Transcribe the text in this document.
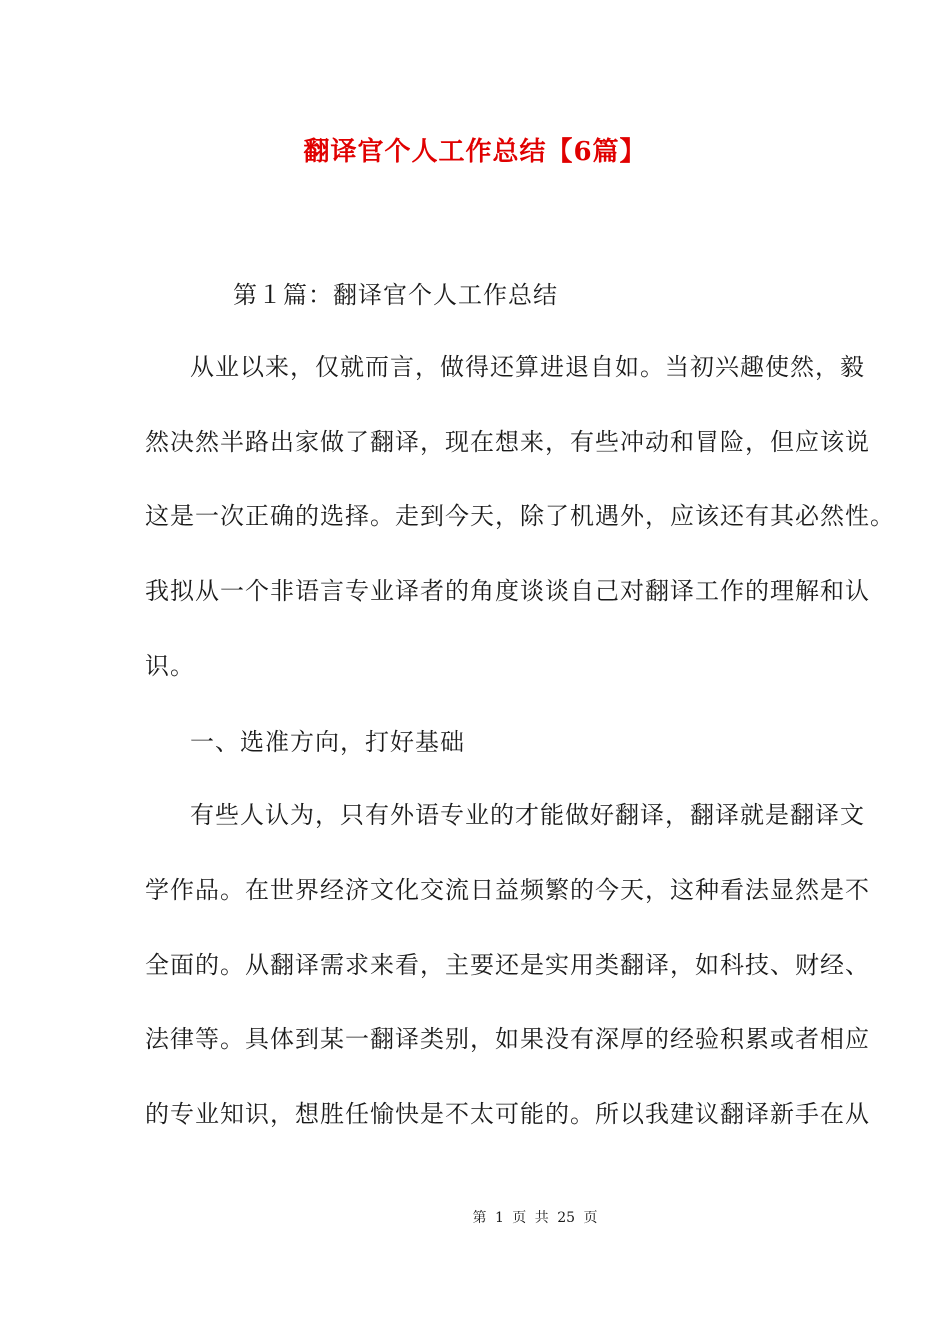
翻译官个人工作总结【6篇】
第１篇：翻译官个人工作总结
从业以来，仅就而言，做得还算进退自如。当初兴趣使然，毅
然决然半路出家做了翻译，现在想来，有些冲动和冒险，但应该说
这是一次正确的选择。走到今天，除了机遇外，应该还有其必然性。
我拟从一个非语言专业译者的角度谈谈自己对翻译工作的理解和认
识。
一、选准方向，打好基础
有些人认为，只有外语专业的才能做好翻译，翻译就是翻译文
学作品。在世界经济文化交流日益频繁的今天，这种看法显然是不
全面的。从翻译需求来看，主要还是实用类翻译，如科技、财经、
法律等。具体到某一翻译类别，如果没有深厚的经验积累或者相应
的专业知识，想胜任愉快是不太可能的。所以我建议翻译新手在从
第 1 页 共 25 页
